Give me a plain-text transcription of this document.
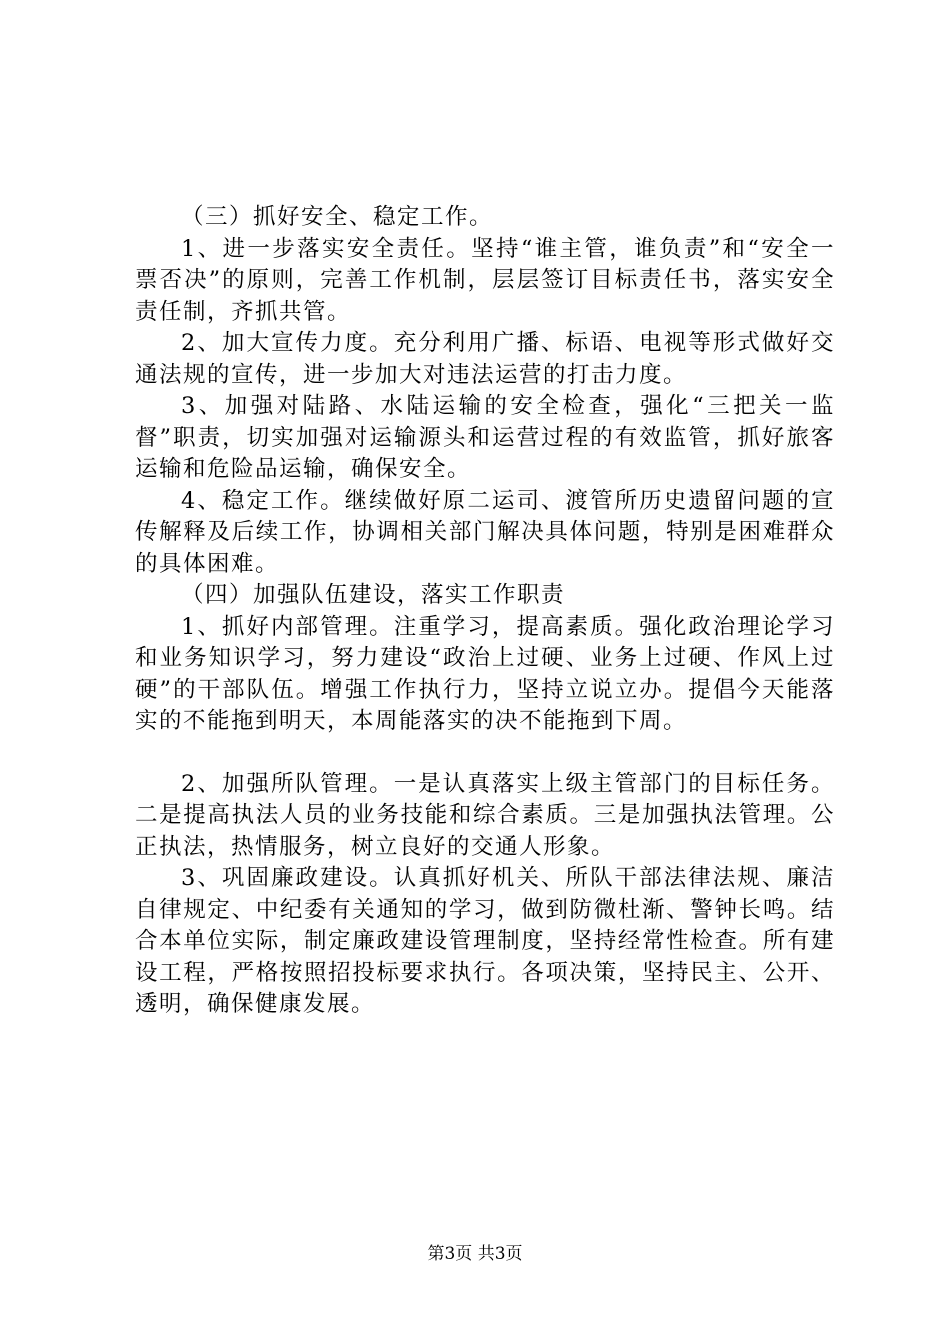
（三）抓好安全、稳定工作。

1、进一步落实安全责任。坚持“谁主管，谁负责”和“安全一票否决”的原则，完善工作机制，层层签订目标责任书，落实安全责任制，齐抓共管。

2、加大宣传力度。充分利用广播、标语、电视等形式做好交通法规的宣传，进一步加大对违法运营的打击力度。

3、加强对陆路、水陆运输的安全检查，强化“三把关一监督”职责，切实加强对运输源头和运营过程的有效监管，抓好旅客运输和危险品运输，确保安全。

4、稳定工作。继续做好原二运司、渡管所历史遗留问题的宣传解释及后续工作，协调相关部门解决具体问题，特别是困难群众的具体困难。

（四）加强队伍建设，落实工作职责

1、抓好内部管理。注重学习，提高素质。强化政治理论学习和业务知识学习，努力建设“政治上过硬、业务上过硬、作风上过硬”的干部队伍。增强工作执行力，坚持立说立办。提倡今天能落实的不能拖到明天，本周能落实的决不能拖到下周。

2、加强所队管理。一是认真落实上级主管部门的目标任务。二是提高执法人员的业务技能和综合素质。三是加强执法管理。公正执法，热情服务，树立良好的交通人形象。

3、巩固廉政建设。认真抓好机关、所队干部法律法规、廉洁自律规定、中纪委有关通知的学习，做到防微杜渐、警钟长鸣。结合本单位实际，制定廉政建设管理制度，坚持经常性检查。所有建设工程，严格按照招投标要求执行。各项决策，坚持民主、公开、透明，确保健康发展。

第3页 共3页
